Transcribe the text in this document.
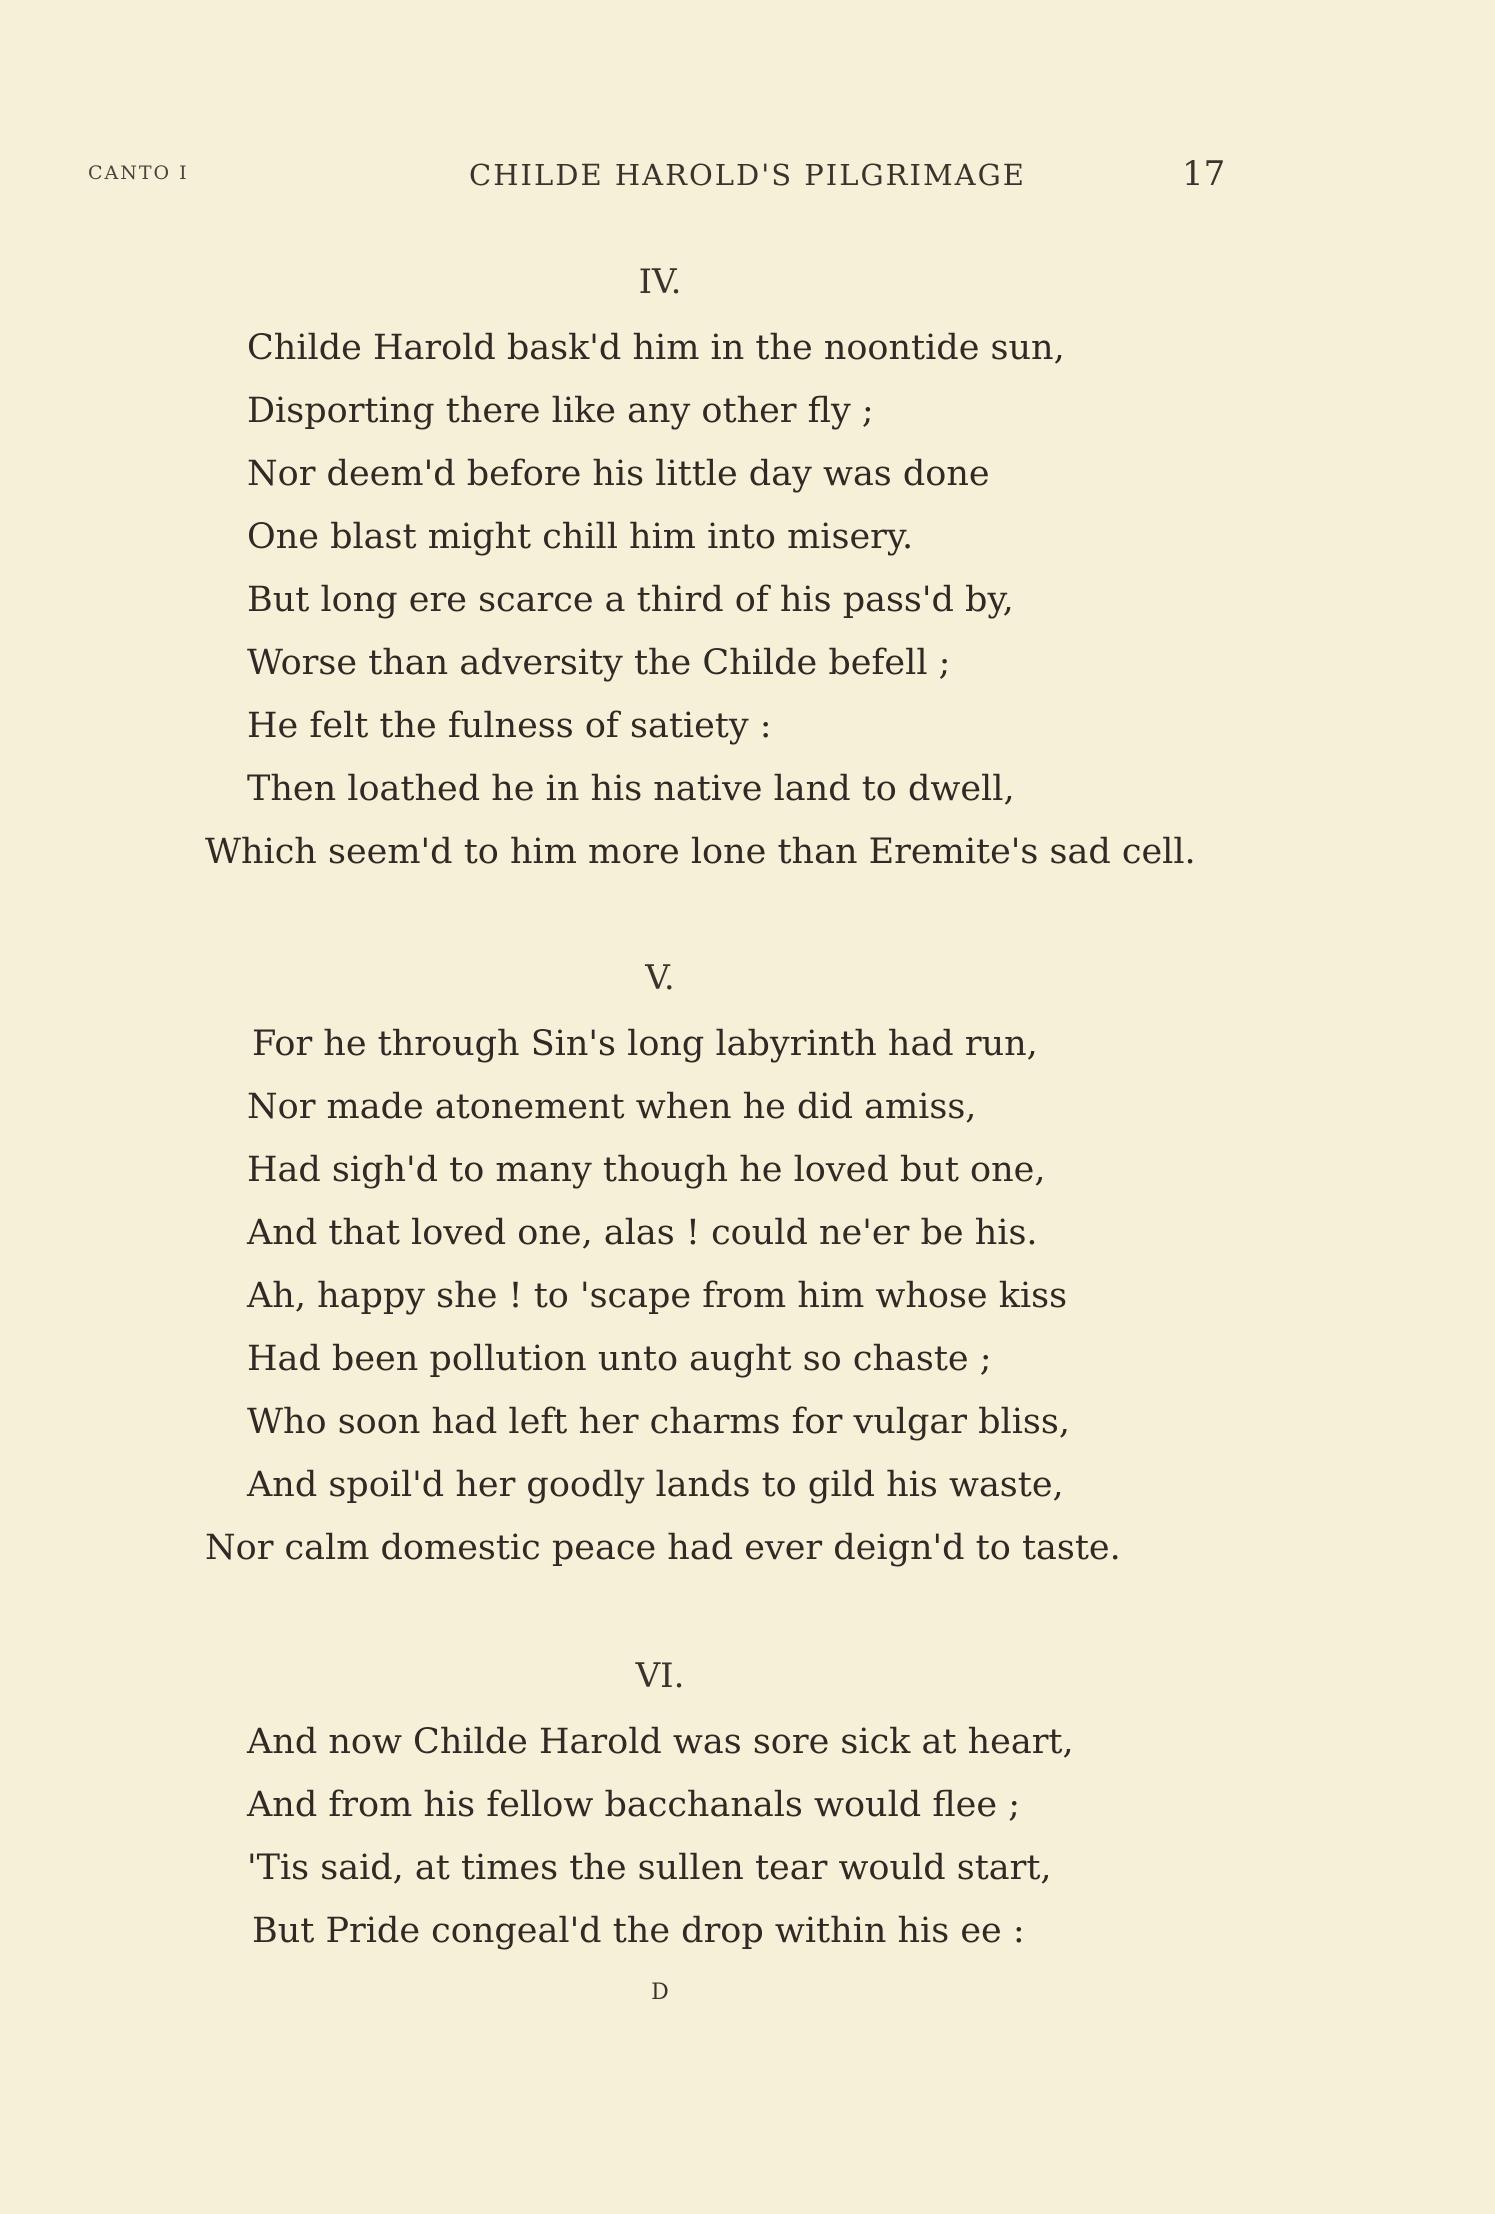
CANTO I	CHILDE HAROLD'S PILGRIMAGE	17
IV.
Childe Harold bask'd him in the noontide sun,
Disporting there like any other fly ;
Nor deem'd before his little day was done
One blast might chill him into misery.
But long ere scarce a third of his pass'd by,
Worse than adversity the Childe befell ;
He felt the fulness of satiety :
Then loathed he in his native land to dwell,
Which seem'd to him more lone than Eremite's sad cell.
V.
For he through Sin's long labyrinth had run,
Nor made atonement when he did amiss,
Had sigh'd to many though he loved but one,
And that loved one, alas ! could ne'er be his.
Ah, happy she ! to 'scape from him whose kiss
Had been pollution unto aught so chaste ;
Who soon had left her charms for vulgar bliss,
And spoil'd her goodly lands to gild his waste,
Nor calm domestic peace had ever deign'd to taste.
VI.
And now Childe Harold was sore sick at heart,
And from his fellow bacchanals would flee ;
'Tis said, at times the sullen tear would start,
But Pride congeal'd the drop within his ee :
D
